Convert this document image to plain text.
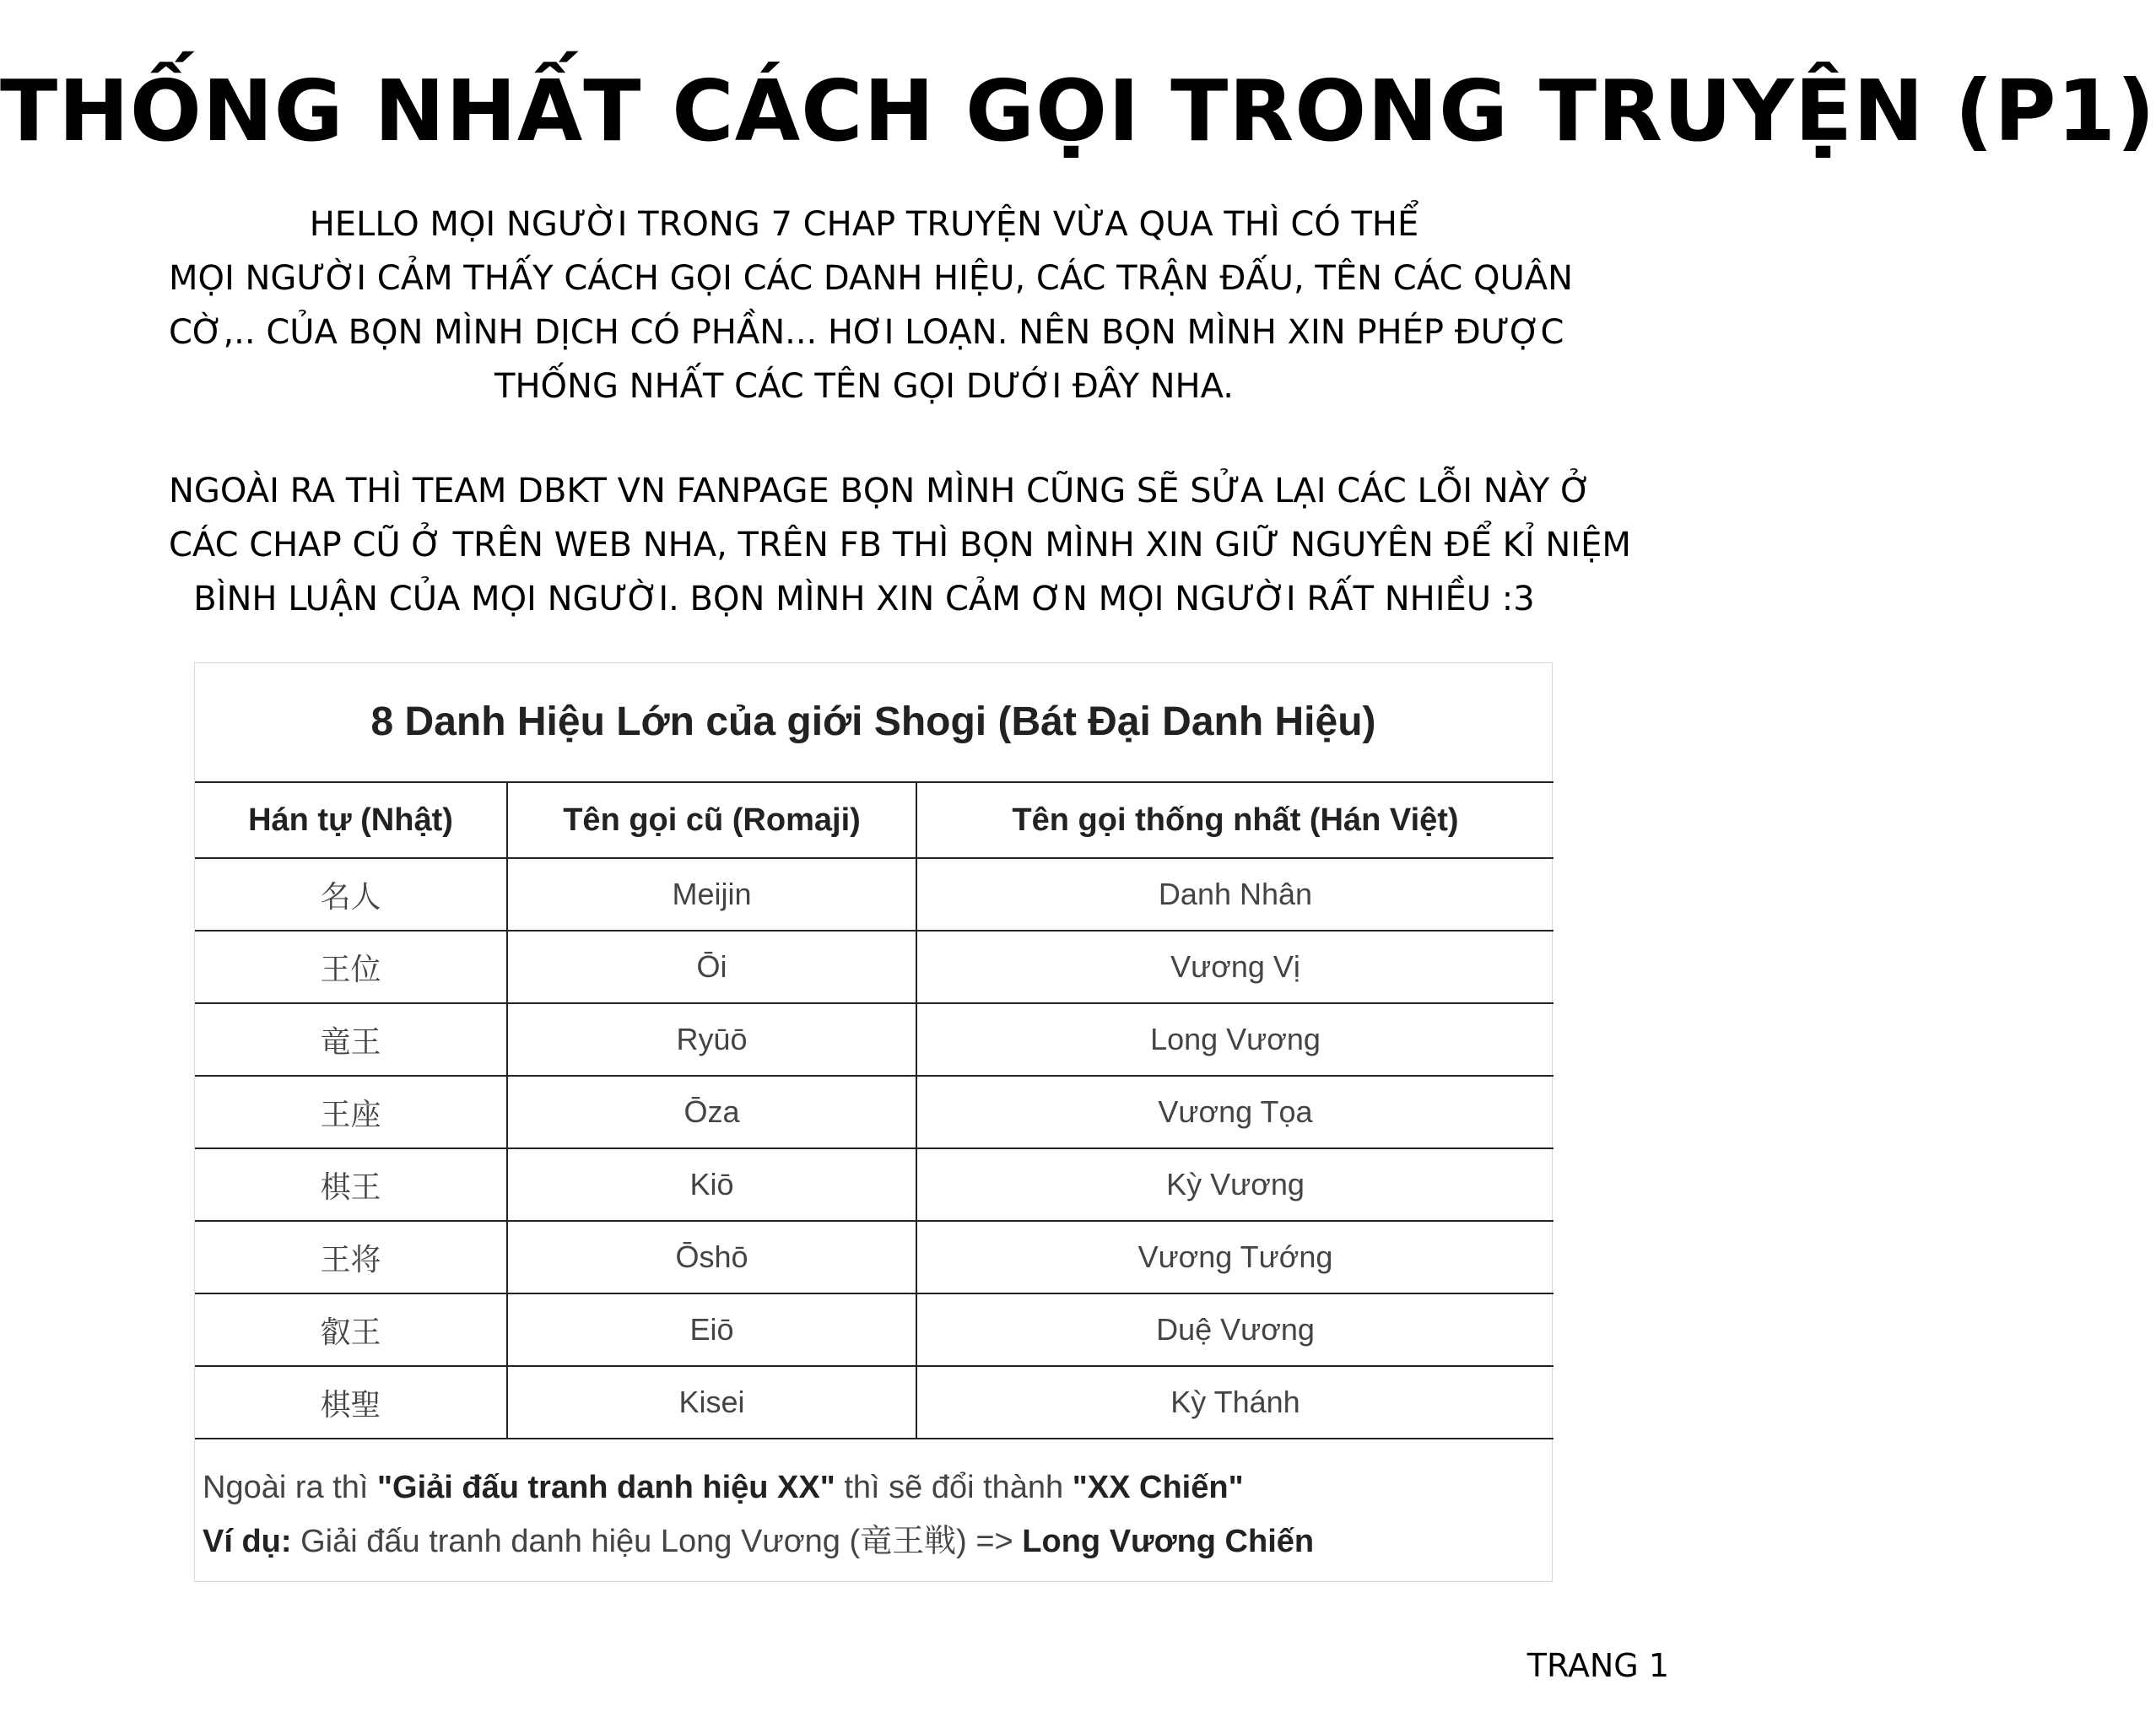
THỐNG NHẤT CÁCH GỌI TRONG TRUYỆN (P1)
HELLO MỌI NGƯỜI TRONG 7 CHAP TRUYỆN VỪA QUA THÌ CÓ THỂ
MỌI NGƯỜI CẢM THẤY CÁCH GỌI CÁC DANH HIỆU, CÁC TRẬN ĐẤU, TÊN CÁC QUÂN
CỜ,.. CỦA BỌN MÌNH DỊCH CÓ PHẦN... HƠI LOẠN. NÊN BỌN MÌNH XIN PHÉP ĐƯỢC
THỐNG NHẤT CÁC TÊN GỌI DƯỚI ĐÂY NHA.
NGOÀI RA THÌ TEAM DBKT VN FANPAGE BỌN MÌNH CŨNG SẼ SỬA LẠI CÁC LỖI NÀY Ở
CÁC CHAP CŨ Ở TRÊN WEB NHA, TRÊN FB THÌ BỌN MÌNH XIN GIỮ NGUYÊN ĐỂ KỈ NIỆM
BÌNH LUẬN CỦA MỌI NGƯỜI. BỌN MÌNH XIN CẢM ƠN MỌI NGƯỜI RẤT NHIỀU :3
8 Danh Hiệu Lớn của giới Shogi (Bát Đại Danh Hiệu)
Hán tự (Nhật)	Tên gọi cũ (Romaji)	Tên gọi thống nhất (Hán Việt)
名人	Meijin	Danh Nhân
王位	Ōi	Vương Vị
竜王	Ryūō	Long Vương
王座	Ōza	Vương Tọa
棋王	Kiō	Kỳ Vương
王将	Ōshō	Vương Tướng
叡王	Eiō	Duệ Vương
棋聖	Kisei	Kỳ Thánh
Ngoài ra thì "Giải đấu tranh danh hiệu XX" thì sẽ đổi thành "XX Chiến"
Ví dụ: Giải đấu tranh danh hiệu Long Vương (竜王戦) => Long Vương Chiến
TRANG 1
